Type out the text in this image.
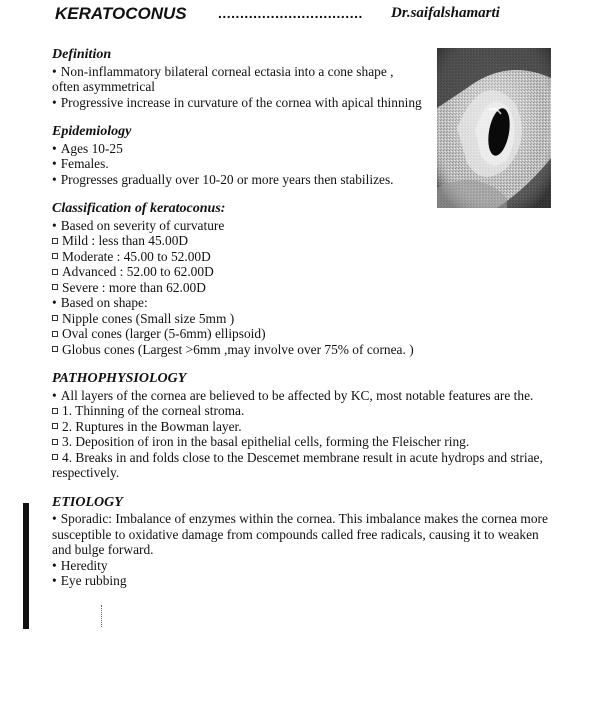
KERATOCONUS ................................. Dr.saifalshamarti
Definition
• Non-inflammatory bilateral corneal ectasia into a cone shape , often asymmetrical
• Progressive increase in curvature of the cornea with apical thinning
Epidemiology
• Ages 10-25
• Females.
• Progresses gradually over 10-20 or more years then stabilizes.
Classification of keratoconus:
• Based on severity of curvature
Mild : less than 45.00D
Moderate : 45.00 to 52.00D
Advanced : 52.00 to 62.00D
Severe : more than 62.00D
• Based on shape:
Nipple cones (Small size 5mm )
Oval cones (larger (5-6mm) ellipsoid)
Globus cones (Largest >6mm ,may involve over 75% of cornea. )
PATHOPHYSIOLOGY
• All layers of the cornea are believed to be affected by KC, most notable features are the.
1. Thinning of the corneal stroma.
2. Ruptures in the Bowman layer.
3. Deposition of iron in the basal epithelial cells, forming the Fleischer ring.
4. Breaks in and folds close to the Descemet membrane result in acute hydrops and striae, respectively.
ETIOLOGY
• Sporadic: Imbalance of enzymes within the cornea. This imbalance makes the cornea more susceptible to oxidative damage from compounds called free radicals, causing it to weaken and bulge forward.
• Heredity
• Eye rubbing
